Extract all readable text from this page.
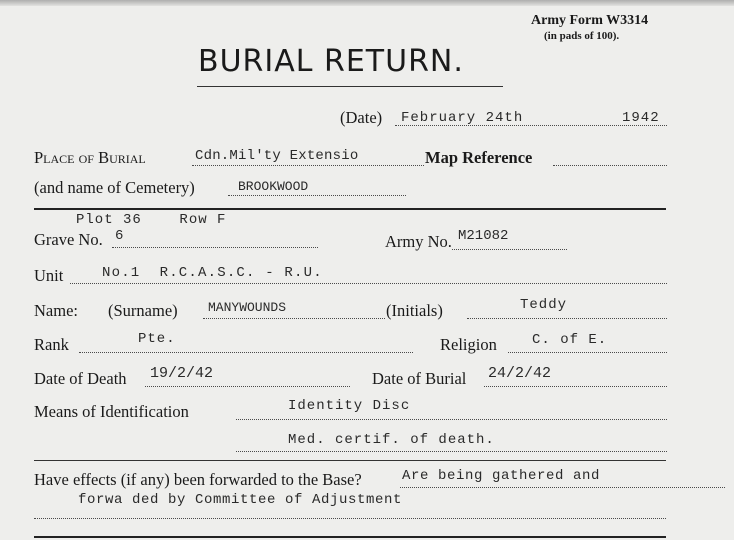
Army Form W3314
(in pads of 100).
BURIAL RETURN.
(Date) February 24th	1942
Place of Burial	Cdn.Mil'ty Extensio	Map Reference
(and name of Cemetery)	BROOKWOOD
Plot 36    Row F
Grave No. 6	Army No. M21082
Unit	No.1  R.C.A.S.C. - R.U.
Name: (Surname) MANYWOUNDS	(Initials)	Teddy
Rank	Pte.	Religion	C. of E.
Date of Death 19/2/42	Date of Burial 24/2/42
Means of Identification	Identity Disc
Med. certif. of death.
Have effects (if any) been forwarded to the Base?	Are being gathered and
forwa ded by Committee of Adjustment
